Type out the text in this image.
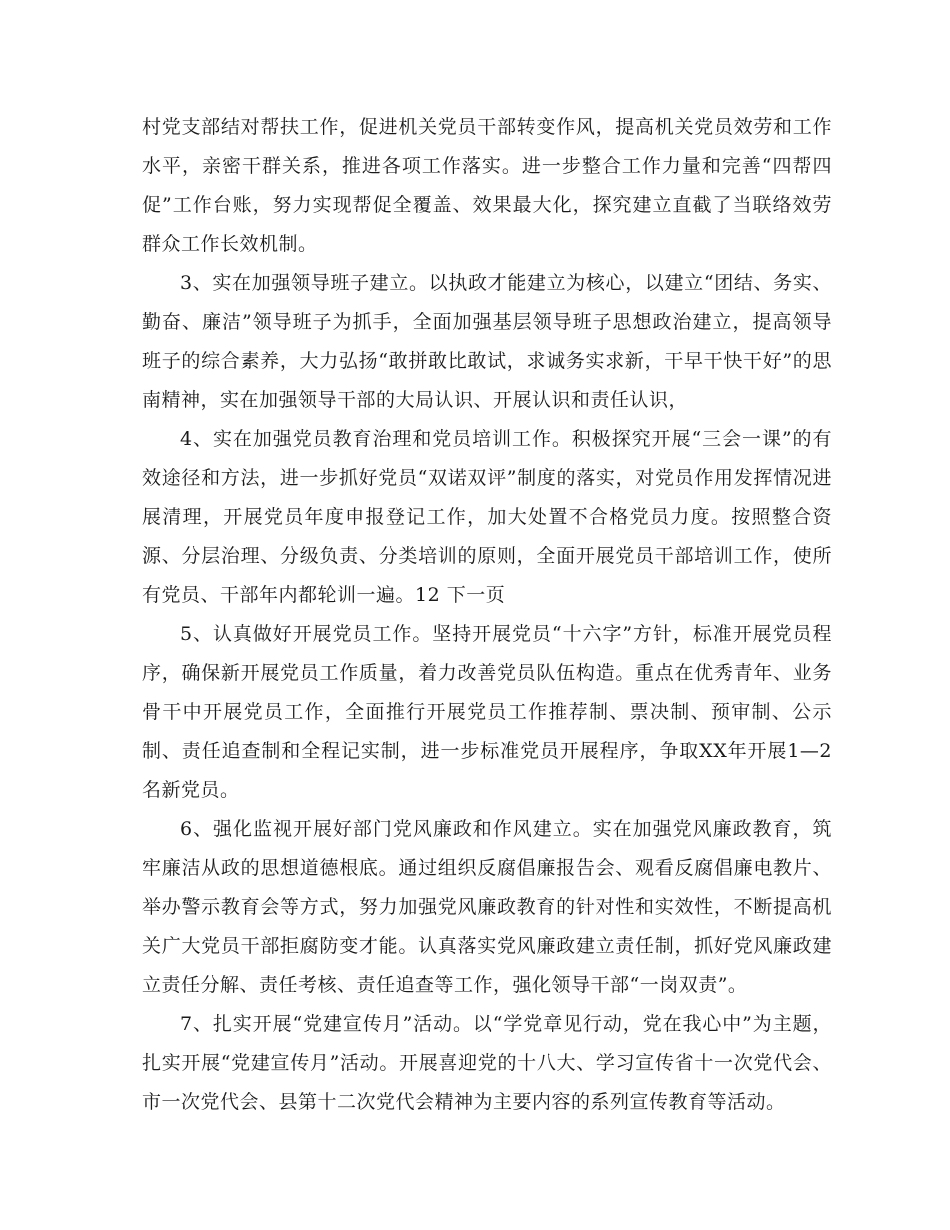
村党支部结对帮扶工作，促进机关党员干部转变作风，提高机关党员效劳和工作水平，亲密干群关系，推进各项工作落实。进一步整合工作力量和完善“四帮四促”工作台账，努力实现帮促全覆盖、效果最大化，探究建立直截了当联络效劳群众工作长效机制。

3、实在加强领导班子建立。以执政才能建立为核心，以建立“团结、务实、勤奋、廉洁”领导班子为抓手，全面加强基层领导班子思想政治建立，提高领导班子的综合素养，大力弘扬“敢拼敢比敢试，求诚务实求新，干早干快干好”的思南精神，实在加强领导干部的大局认识、开展认识和责任认识，

4、实在加强党员教育治理和党员培训工作。积极探究开展“三会一课”的有效途径和方法，进一步抓好党员“双诺双评”制度的落实，对党员作用发挥情况进展清理，开展党员年度申报登记工作，加大处置不合格党员力度。按照整合资源、分层治理、分级负责、分类培训的原则，全面开展党员干部培训工作，使所有党员、干部年内都轮训一遍。12 下一页

5、认真做好开展党员工作。坚持开展党员“十六字”方针，标准开展党员程序，确保新开展党员工作质量，着力改善党员队伍构造。重点在优秀青年、业务骨干中开展党员工作，全面推行开展党员工作推荐制、票决制、预审制、公示制、责任追查制和全程记实制，进一步标准党员开展程序，争取XX年开展1—2名新党员。

6、强化监视开展好部门党风廉政和作风建立。实在加强党风廉政教育，筑牢廉洁从政的思想道德根底。通过组织反腐倡廉报告会、观看反腐倡廉电教片、举办警示教育会等方式，努力加强党风廉政教育的针对性和实效性，不断提高机关广大党员干部拒腐防变才能。认真落实党风廉政建立责任制，抓好党风廉政建立责任分解、责任考核、责任追查等工作，强化领导干部“一岗双责”。

7、扎实开展“党建宣传月”活动。以“学党章见行动，党在我心中”为主题，扎实开展“党建宣传月”活动。开展喜迎党的十八大、学习宣传省十一次党代会、市一次党代会、县第十二次党代会精神为主要内容的系列宣传教育等活动。
